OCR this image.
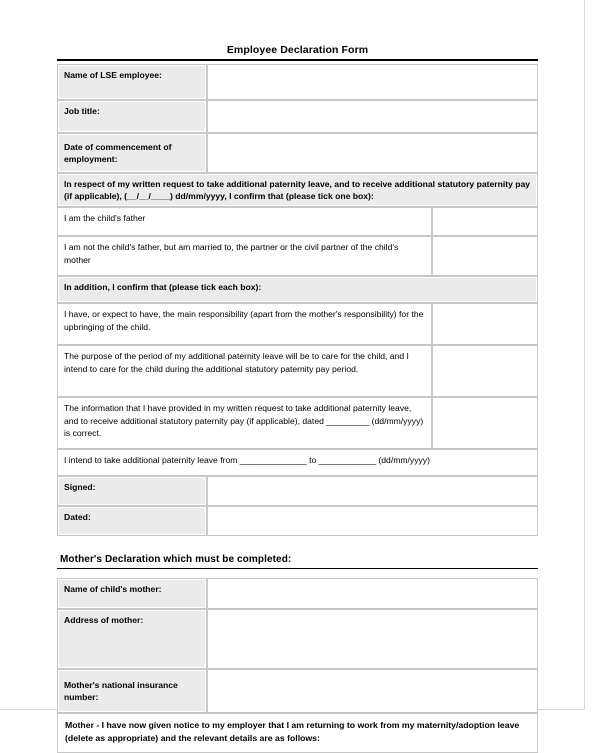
Employee Declaration Form
Name of LSE employee:		
Job title:		
Date of commencement of employment:		
In respect of my written request to take additional paternity leave, and to receive additional statutory paternity pay (if applicable), (__/__/____) dd/mm/yyyy, I confirm that (please tick one box):		
I am the child's father		
I am not the child's father, but am married to, the partner or the civil partner of the child's mother		
In addition, I confirm that (please tick each box):		
I have, or expect to have, the main responsibility (apart from the mother's responsibility) for the upbringing of the child.		
The purpose of the period of my additional paternity leave will be to care for the child, and I intend to care for the child during the additional statutory paternity pay period.		
The information that I have provided in my written request to take additional paternity leave, and to receive additional statutory paternity pay (if applicable), dated _________ (dd/mm/yyyy) is correct.		
I intend to take additional paternity leave from ______________ to ____________ (dd/mm/yyyy)		
Signed:		
Dated:		
Mother's Declaration which must be completed:
Name of child's mother:	
Address of mother:	
Mother's national insurance number:	
Mother - I have now given notice to my employer that I am returning to work from my maternity/adoption leave (delete as appropriate) and the relevant details are as follows:	
